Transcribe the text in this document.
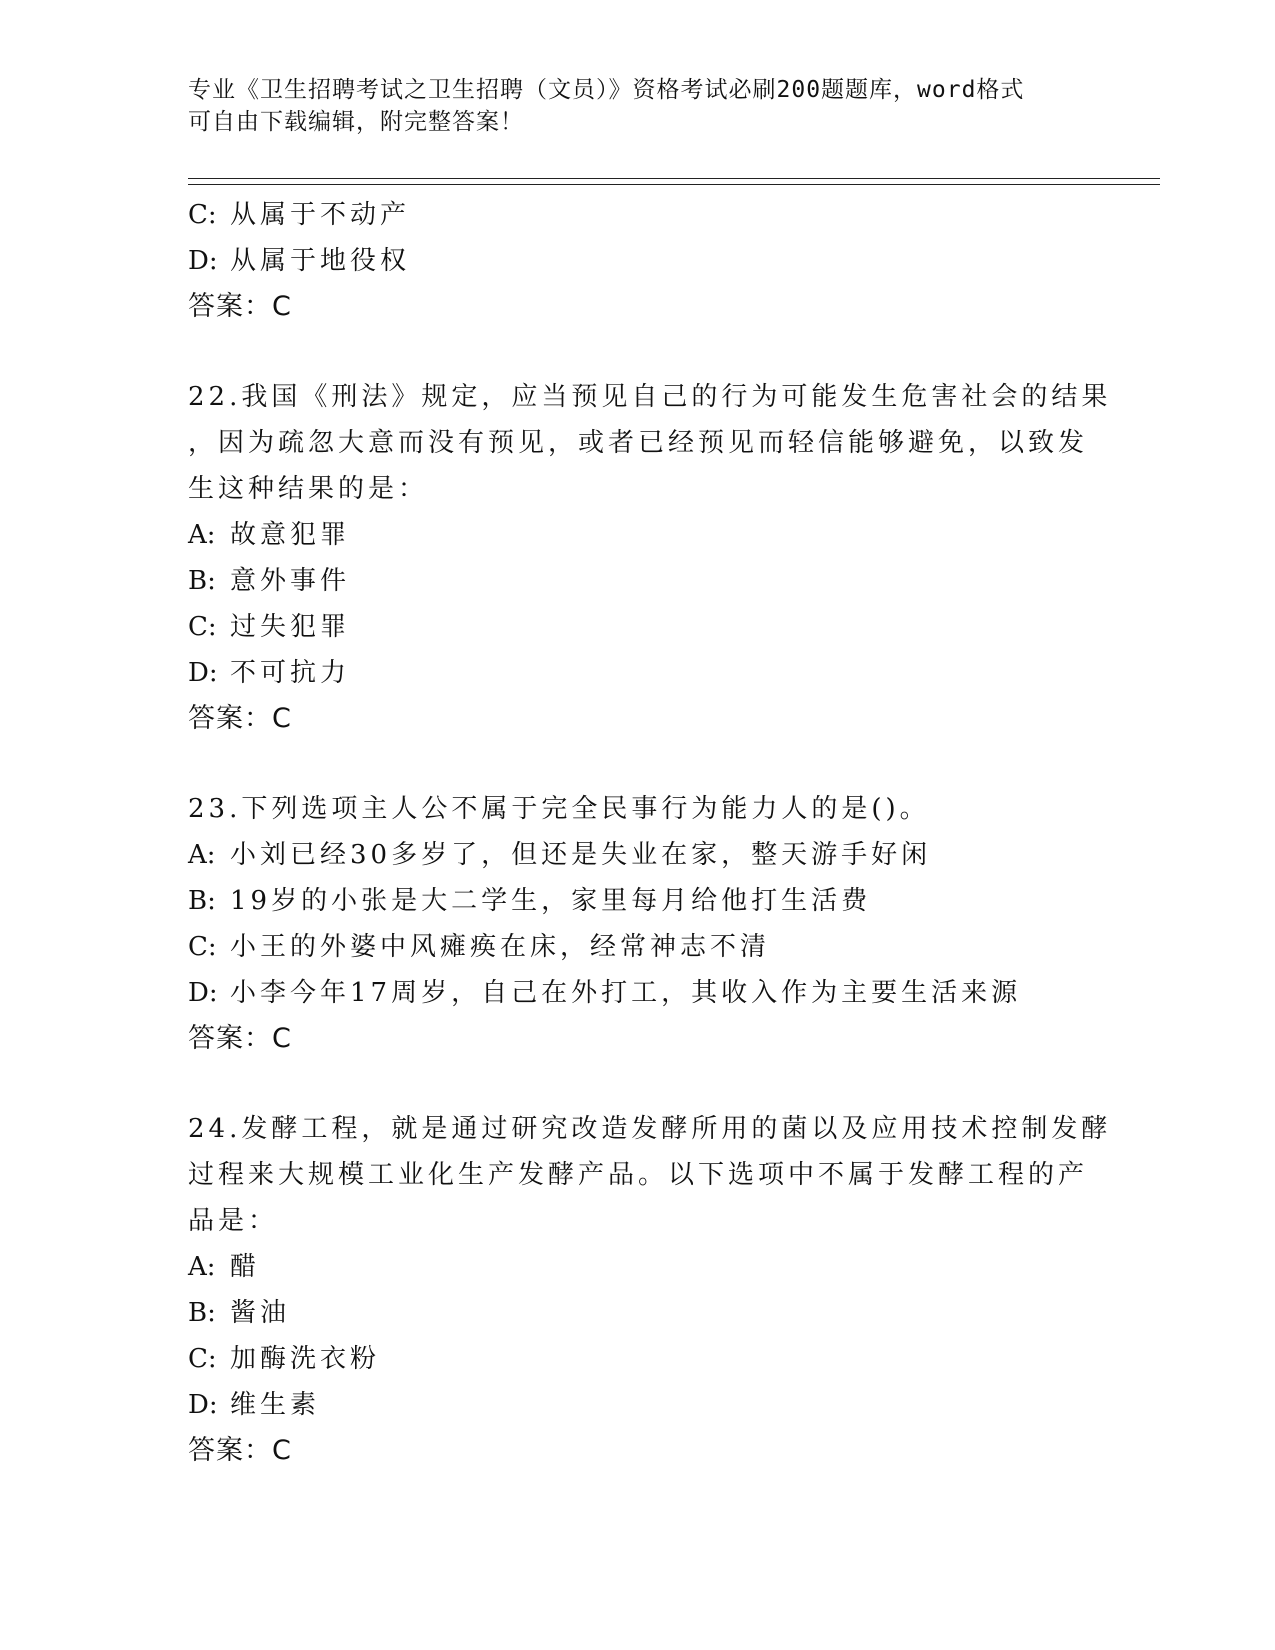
专业《卫生招聘考试之卫生招聘（文员）》资格考试必刷200题题库，word格式
可自由下载编辑，附完整答案！
C: 从属于不动产
D: 从属于地役权
答案：C
22.我国《刑法》规定，应当预见自己的行为可能发生危害社会的结果
，因为疏忽大意而没有预见，或者已经预见而轻信能够避免，以致发
生这种结果的是：
A: 故意犯罪
B: 意外事件
C: 过失犯罪
D: 不可抗力
答案：C
23.下列选项主人公不属于完全民事行为能力人的是()。
A: 小刘已经30多岁了，但还是失业在家，整天游手好闲
B: 19岁的小张是大二学生，家里每月给他打生活费
C: 小王的外婆中风瘫痪在床，经常神志不清
D: 小李今年17周岁，自己在外打工，其收入作为主要生活来源
答案：C
24.发酵工程，就是通过研究改造发酵所用的菌以及应用技术控制发酵
过程来大规模工业化生产发酵产品。以下选项中不属于发酵工程的产
品是：
A: 醋
B: 酱油
C: 加酶洗衣粉
D: 维生素
答案：C
